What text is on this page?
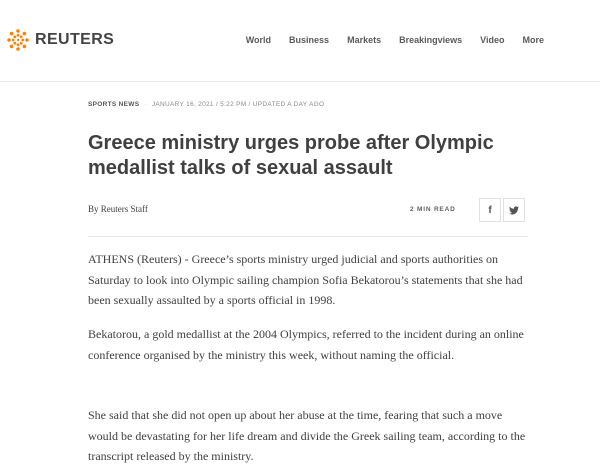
REUTERS	World Business Markets Breakingviews Video More
SPORTS NEWS · JANUARY 16, 2021 / 5:22 PM / UPDATED A DAY AGO
Greece ministry urges probe after Olympic medallist talks of sexual assault
By Reuters Staff	2 MIN READ	f

ATHENS (Reuters) - Greece’s sports ministry urged judicial and sports authorities on Saturday to look into Olympic sailing champion Sofia Bekatorou’s statements that she had been sexually assaulted by a sports official in 1998.

Bekatorou, a gold medallist at the 2004 Olympics, referred to the incident during an online conference organised by the ministry this week, without naming the official.

She said that she did not open up about her abuse at the time, fearing that such a move would be devastating for her life dream and divide the Greek sailing team, according to the transcript released by the ministry.
